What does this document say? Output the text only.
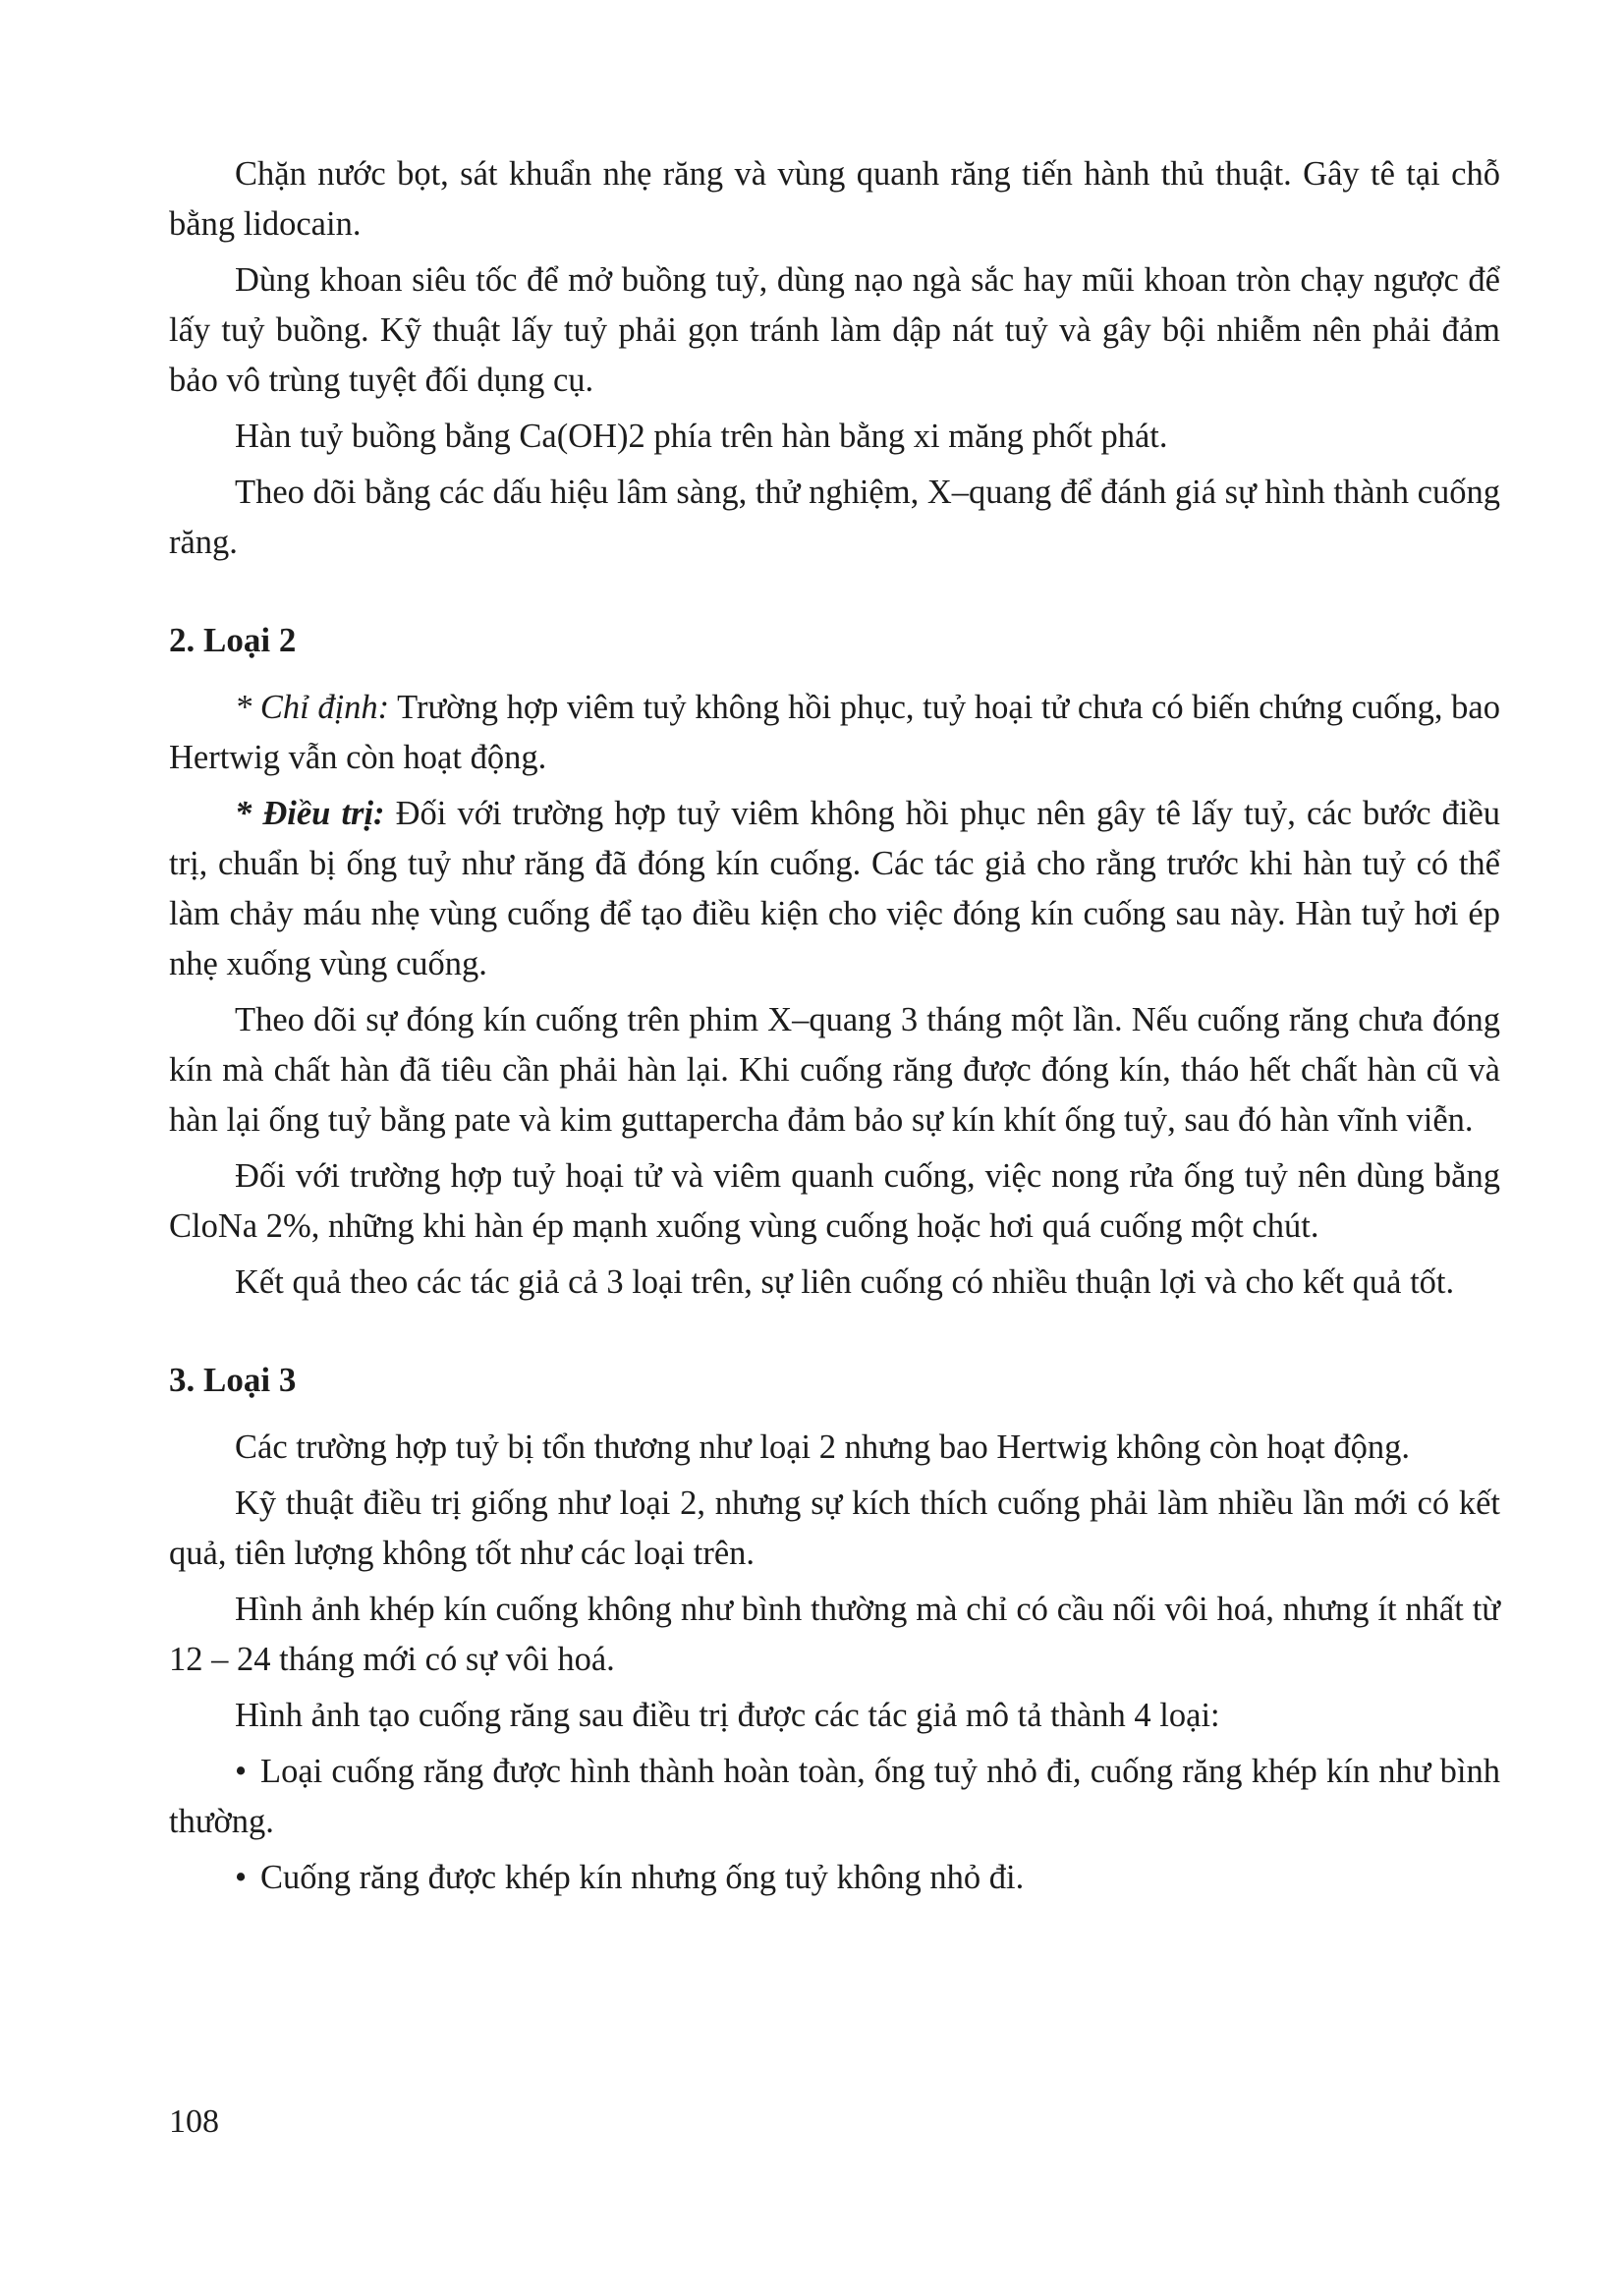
Chặn nước bọt, sát khuẩn nhẹ răng và vùng quanh răng tiến hành thủ thuật. Gây tê tại chỗ bằng lidocain.

Dùng khoan siêu tốc để mở buồng tuỷ, dùng nạo ngà sắc hay mũi khoan tròn chạy ngược để lấy tuỷ buồng. Kỹ thuật lấy tuỷ phải gọn tránh làm dập nát tuỷ và gây bội nhiễm nên phải đảm bảo vô trùng tuyệt đối dụng cụ.

Hàn tuỷ buồng bằng Ca(OH)2 phía trên hàn bằng xi măng phốt phát.

Theo dõi bằng các dấu hiệu lâm sàng, thử nghiệm, X–quang để đánh giá sự hình thành cuống răng.

2. Loại 2

* Chỉ định: Trường hợp viêm tuỷ không hồi phục, tuỷ hoại tử chưa có biến chứng cuống, bao Hertwig vẫn còn hoạt động.

* Điều trị: Đối với trường hợp tuỷ viêm không hồi phục nên gây tê lấy tuỷ, các bước điều trị, chuẩn bị ống tuỷ như răng đã đóng kín cuống. Các tác giả cho rằng trước khi hàn tuỷ có thể làm chảy máu nhẹ vùng cuống để tạo điều kiện cho việc đóng kín cuống sau này. Hàn tuỷ hơi ép nhẹ xuống vùng cuống.

Theo dõi sự đóng kín cuống trên phim X–quang 3 tháng một lần. Nếu cuống răng chưa đóng kín mà chất hàn đã tiêu cần phải hàn lại. Khi cuống răng được đóng kín, tháo hết chất hàn cũ và hàn lại ống tuỷ bằng pate và kim guttapercha đảm bảo sự kín khít ống tuỷ, sau đó hàn vĩnh viễn.

Đối với trường hợp tuỷ hoại tử và viêm quanh cuống, việc nong rửa ống tuỷ nên dùng bằng CloNa 2%, những khi hàn ép mạnh xuống vùng cuống hoặc hơi quá cuống một chút.

Kết quả theo các tác giả cả 3 loại trên, sự liên cuống có nhiều thuận lợi và cho kết quả tốt.

3. Loại 3

Các trường hợp tuỷ bị tổn thương như loại 2 nhưng bao Hertwig không còn hoạt động.

Kỹ thuật điều trị giống như loại 2, nhưng sự kích thích cuống phải làm nhiều lần mới có kết quả, tiên lượng không tốt như các loại trên.

Hình ảnh khép kín cuống không như bình thường mà chỉ có cầu nối vôi hoá, nhưng ít nhất từ 12 – 24 tháng mới có sự vôi hoá.

Hình ảnh tạo cuống răng sau điều trị được các tác giả mô tả thành 4 loại:

• Loại cuống răng được hình thành hoàn toàn, ống tuỷ nhỏ đi, cuống răng khép kín như bình thường.

• Cuống răng được khép kín nhưng ống tuỷ không nhỏ đi.

108
